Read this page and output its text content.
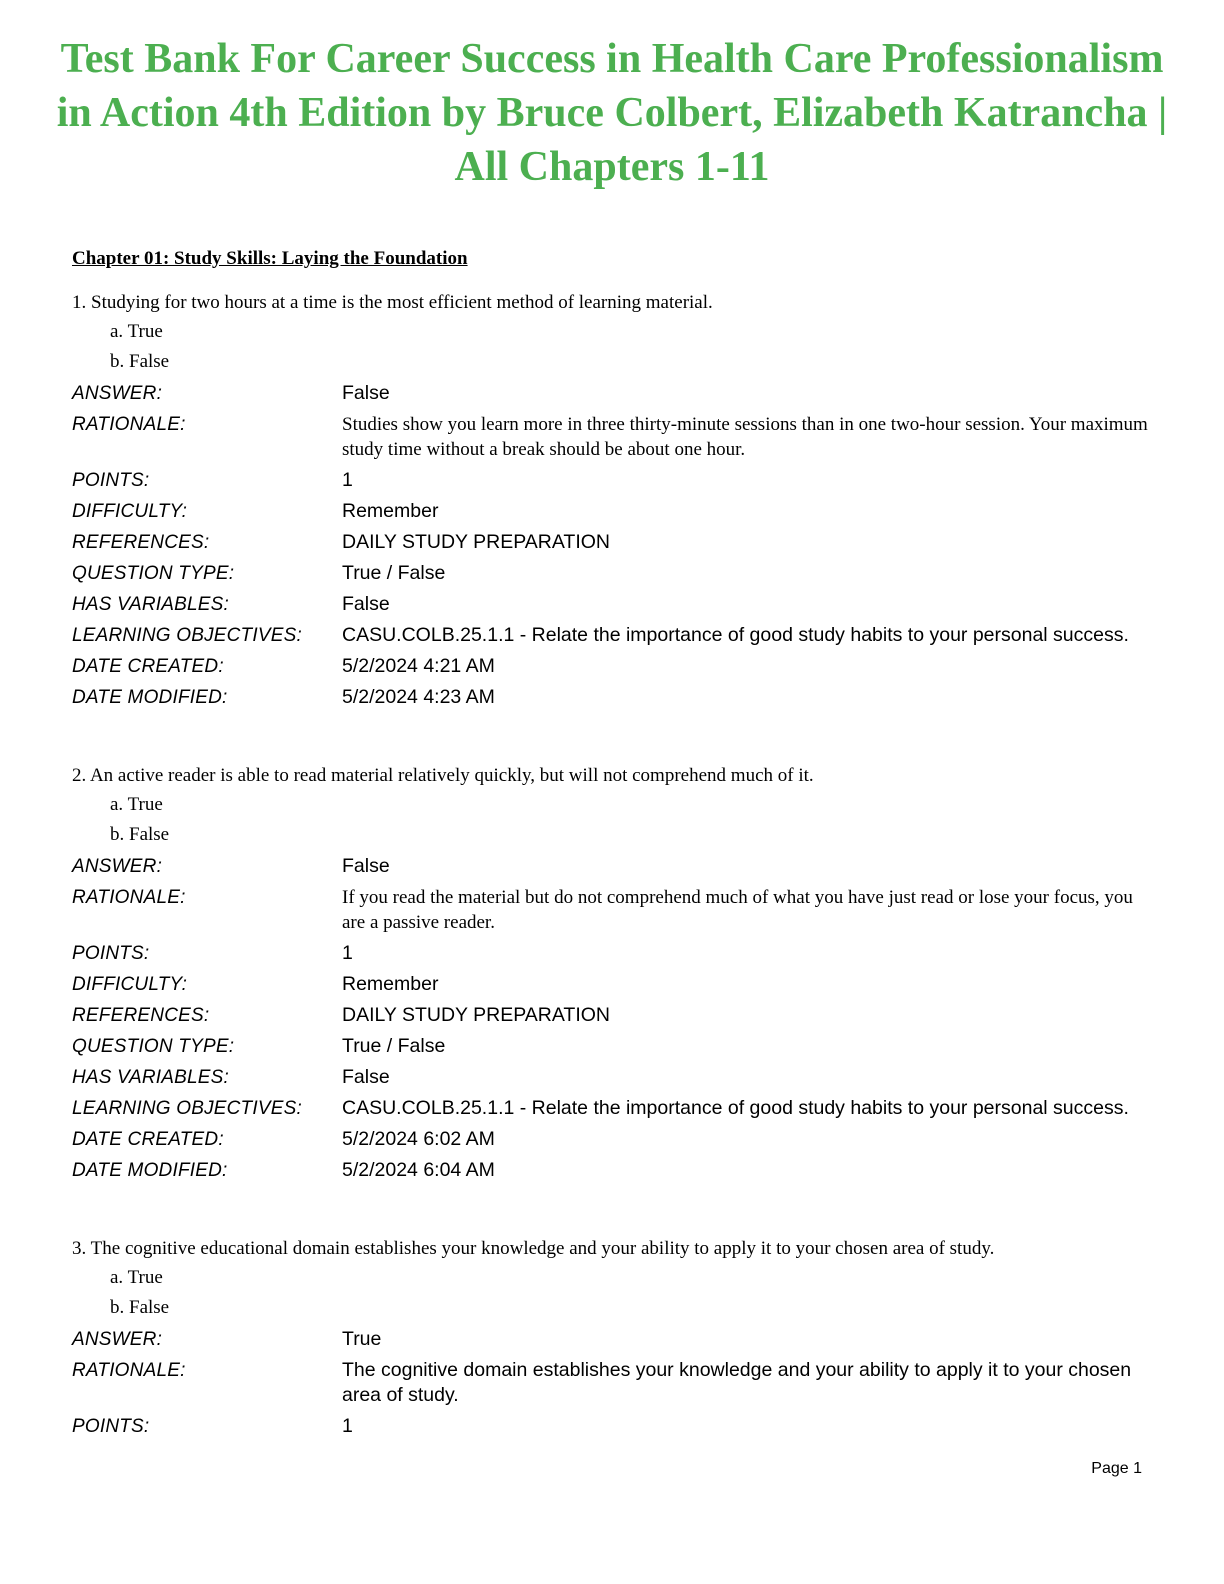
Test Bank For Career Success in Health Care Professionalism in Action 4th Edition by Bruce Colbert, Elizabeth Katrancha | All Chapters 1-11
Chapter 01: Study Skills: Laying the Foundation
1. Studying for two hours at a time is the most efficient method of learning material.
a. True
b. False
ANSWER:	False
RATIONALE:	Studies show you learn more in three thirty-minute sessions than in one two-hour session. Your maximum study time without a break should be about one hour.
POINTS:	1
DIFFICULTY:	Remember
REFERENCES:	DAILY STUDY PREPARATION
QUESTION TYPE:	True / False
HAS VARIABLES:	False
LEARNING OBJECTIVES:	CASU.COLB.25.1.1 - Relate the importance of good study habits to your personal success.
DATE CREATED:	5/2/2024 4:21 AM
DATE MODIFIED:	5/2/2024 4:23 AM
2. An active reader is able to read material relatively quickly, but will not comprehend much of it.
a. True
b. False
ANSWER:	False
RATIONALE:	If you read the material but do not comprehend much of what you have just read or lose your focus, you are a passive reader.
POINTS:	1
DIFFICULTY:	Remember
REFERENCES:	DAILY STUDY PREPARATION
QUESTION TYPE:	True / False
HAS VARIABLES:	False
LEARNING OBJECTIVES:	CASU.COLB.25.1.1 - Relate the importance of good study habits to your personal success.
DATE CREATED:	5/2/2024 6:02 AM
DATE MODIFIED:	5/2/2024 6:04 AM
3. The cognitive educational domain establishes your knowledge and your ability to apply it to your chosen area of study.
a. True
b. False
ANSWER:	True
RATIONALE:	The cognitive domain establishes your knowledge and your ability to apply it to your chosen area of study.
POINTS:	1
Page 1
